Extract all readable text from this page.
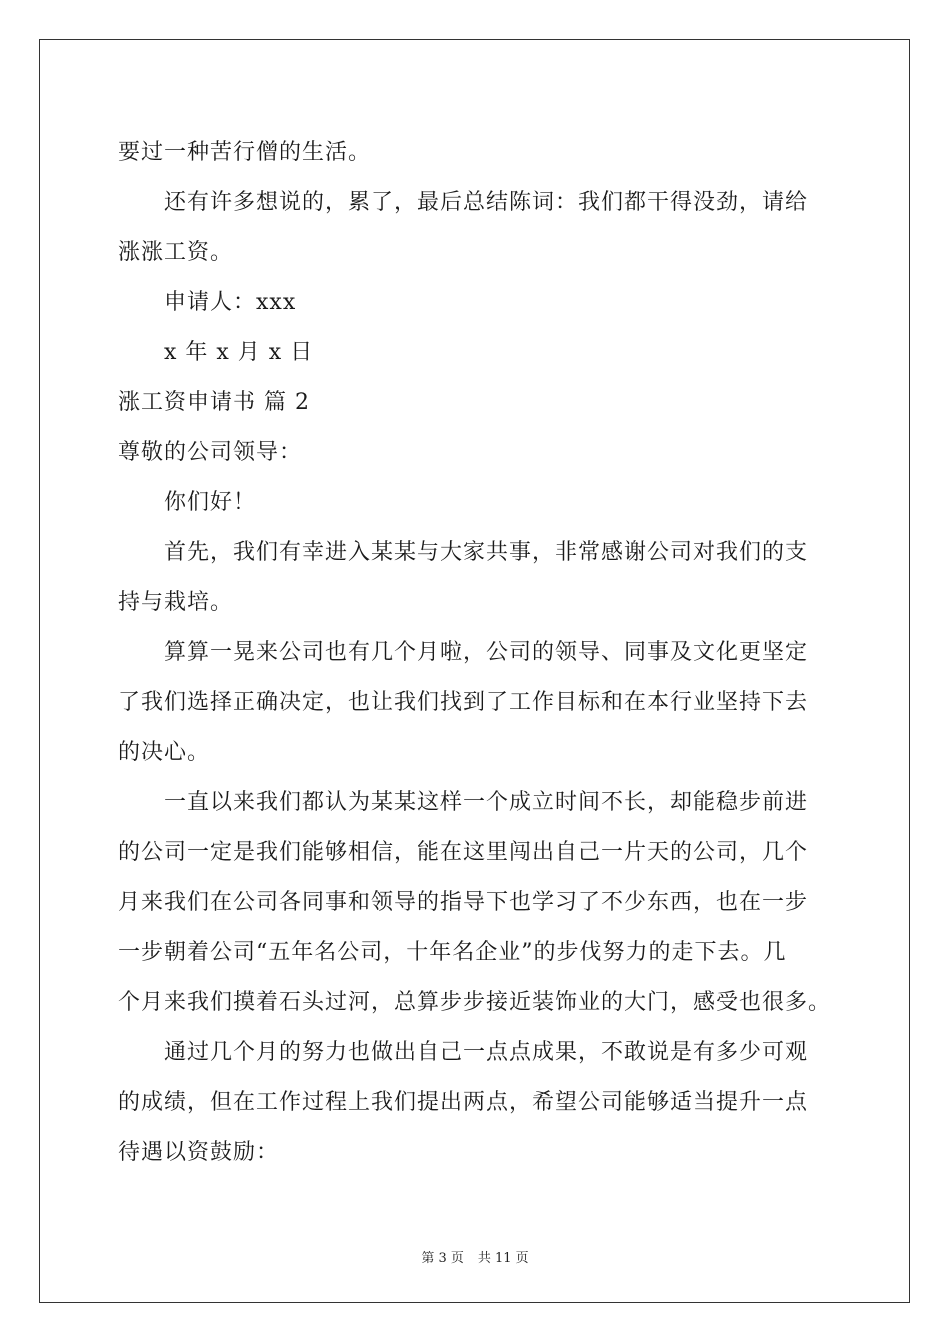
要过一种苦行僧的生活。
还有许多想说的，累了，最后总结陈词：我们都干得没劲，请给
涨涨工资。
申请人：xxx
x 年 x 月 x 日
涨工资申请书 篇 2
尊敬的公司领导：
你们好！
首先，我们有幸进入某某与大家共事，非常感谢公司对我们的支
持与栽培。
算算一晃来公司也有几个月啦，公司的领导、同事及文化更坚定
了我们选择正确决定，也让我们找到了工作目标和在本行业坚持下去
的决心。
一直以来我们都认为某某这样一个成立时间不长，却能稳步前进
的公司一定是我们能够相信，能在这里闯出自己一片天的公司，几个
月来我们在公司各同事和领导的指导下也学习了不少东西，也在一步
一步朝着公司“五年名公司，十年名企业”的步伐努力的走下去。几
个月来我们摸着石头过河，总算步步接近装饰业的大门，感受也很多。
通过几个月的努力也做出自己一点点成果，不敢说是有多少可观
的成绩，但在工作过程上我们提出两点，希望公司能够适当提升一点
待遇以资鼓励：
第 3 页 共 11 页
